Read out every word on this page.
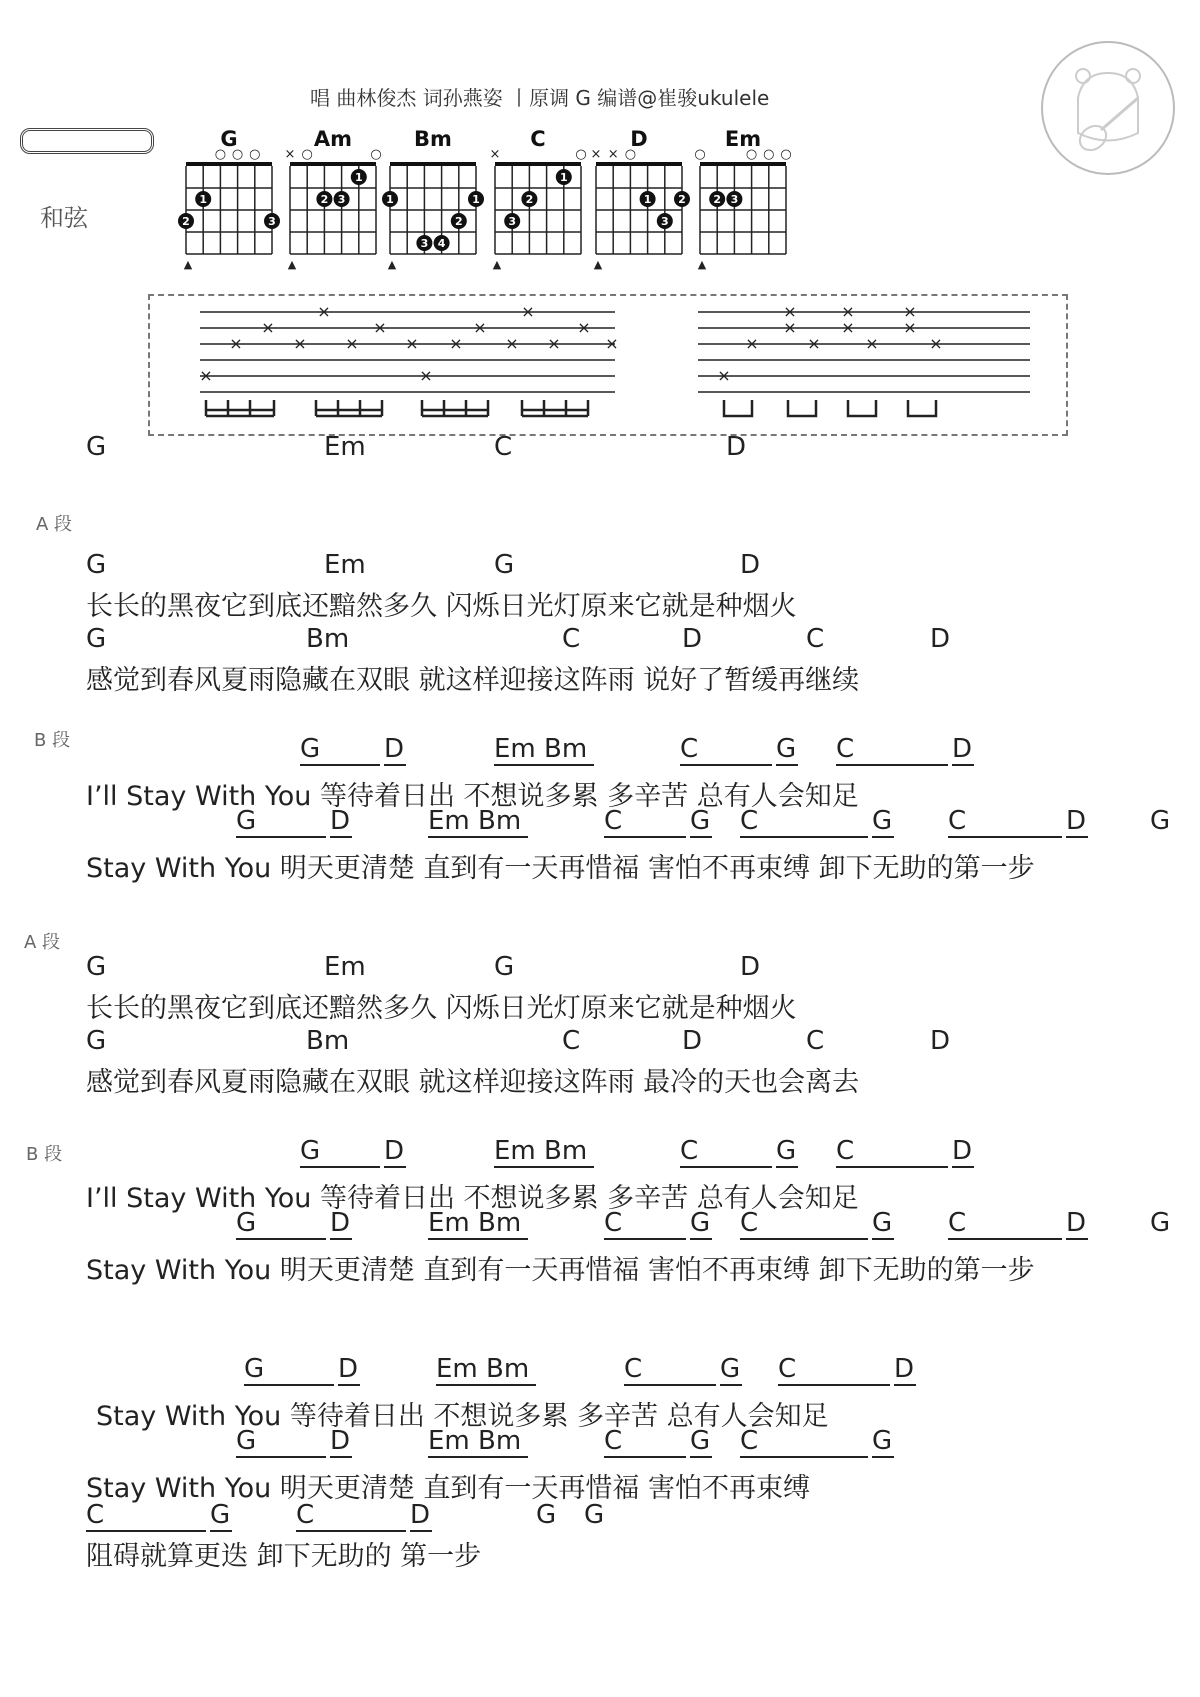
唱 曲林俊杰 词孙燕姿 丨原调 G 编谱@崔骏ukulele
和弦
G
○ ○ ○
1
2	3
▲
Am
× ○	○
1
2 3
▲
Bm
1	1
2
3 4
▲
C
×	○
1
2
3
▲
D
× × ○
1 2
3
▲
Em
○	○ ○ ○
2 3
▲
×
×
×
×
×
×
×
×
×
×
×
×
×
×
×
×
×
×
×
×
×
×
×
×
×
×
×
G	Em	C	D
A 段
G	Em	G	D
长长的黑夜它到底还黯然多久 闪烁日光灯原来它就是种烟火
G	Bm	C	D	C	D
感觉到春风夏雨隐藏在双眼 就这样迎接这阵雨 说好了暂缓再继续
B 段	G	D	Em Bm	C	G C	D
I’ll Stay With You 等待着日出 不想说多累 多辛苦 总有人会知足
G	D	Em Bm	C	G C	G C	D G
Stay With You 明天更清楚 直到有一天再惜福 害怕不再束缚 卸下无助的第一步
A 段
G	Em	G	D
长长的黑夜它到底还黯然多久 闪烁日光灯原来它就是种烟火
G	Bm	C	D	C	D
感觉到春风夏雨隐藏在双眼 就这样迎接这阵雨 最冷的天也会离去
B 段	G	D	Em Bm	C	G C	D
I’ll Stay With You 等待着日出 不想说多累 多辛苦 总有人会知足
G	D	Em Bm	C	G C	G C	D G
Stay With You 明天更清楚 直到有一天再惜福 害怕不再束缚 卸下无助的第一步
G	D	Em Bm	C	G C	D
Stay With You 等待着日出 不想说多累 多辛苦 总有人会知足
G	D	Em Bm	C	G C	G
Stay With You 明天更清楚 直到有一天再惜福 害怕不再束缚
C	G	C	D	G G
阻碍就算更迭 卸下无助的 第一步
